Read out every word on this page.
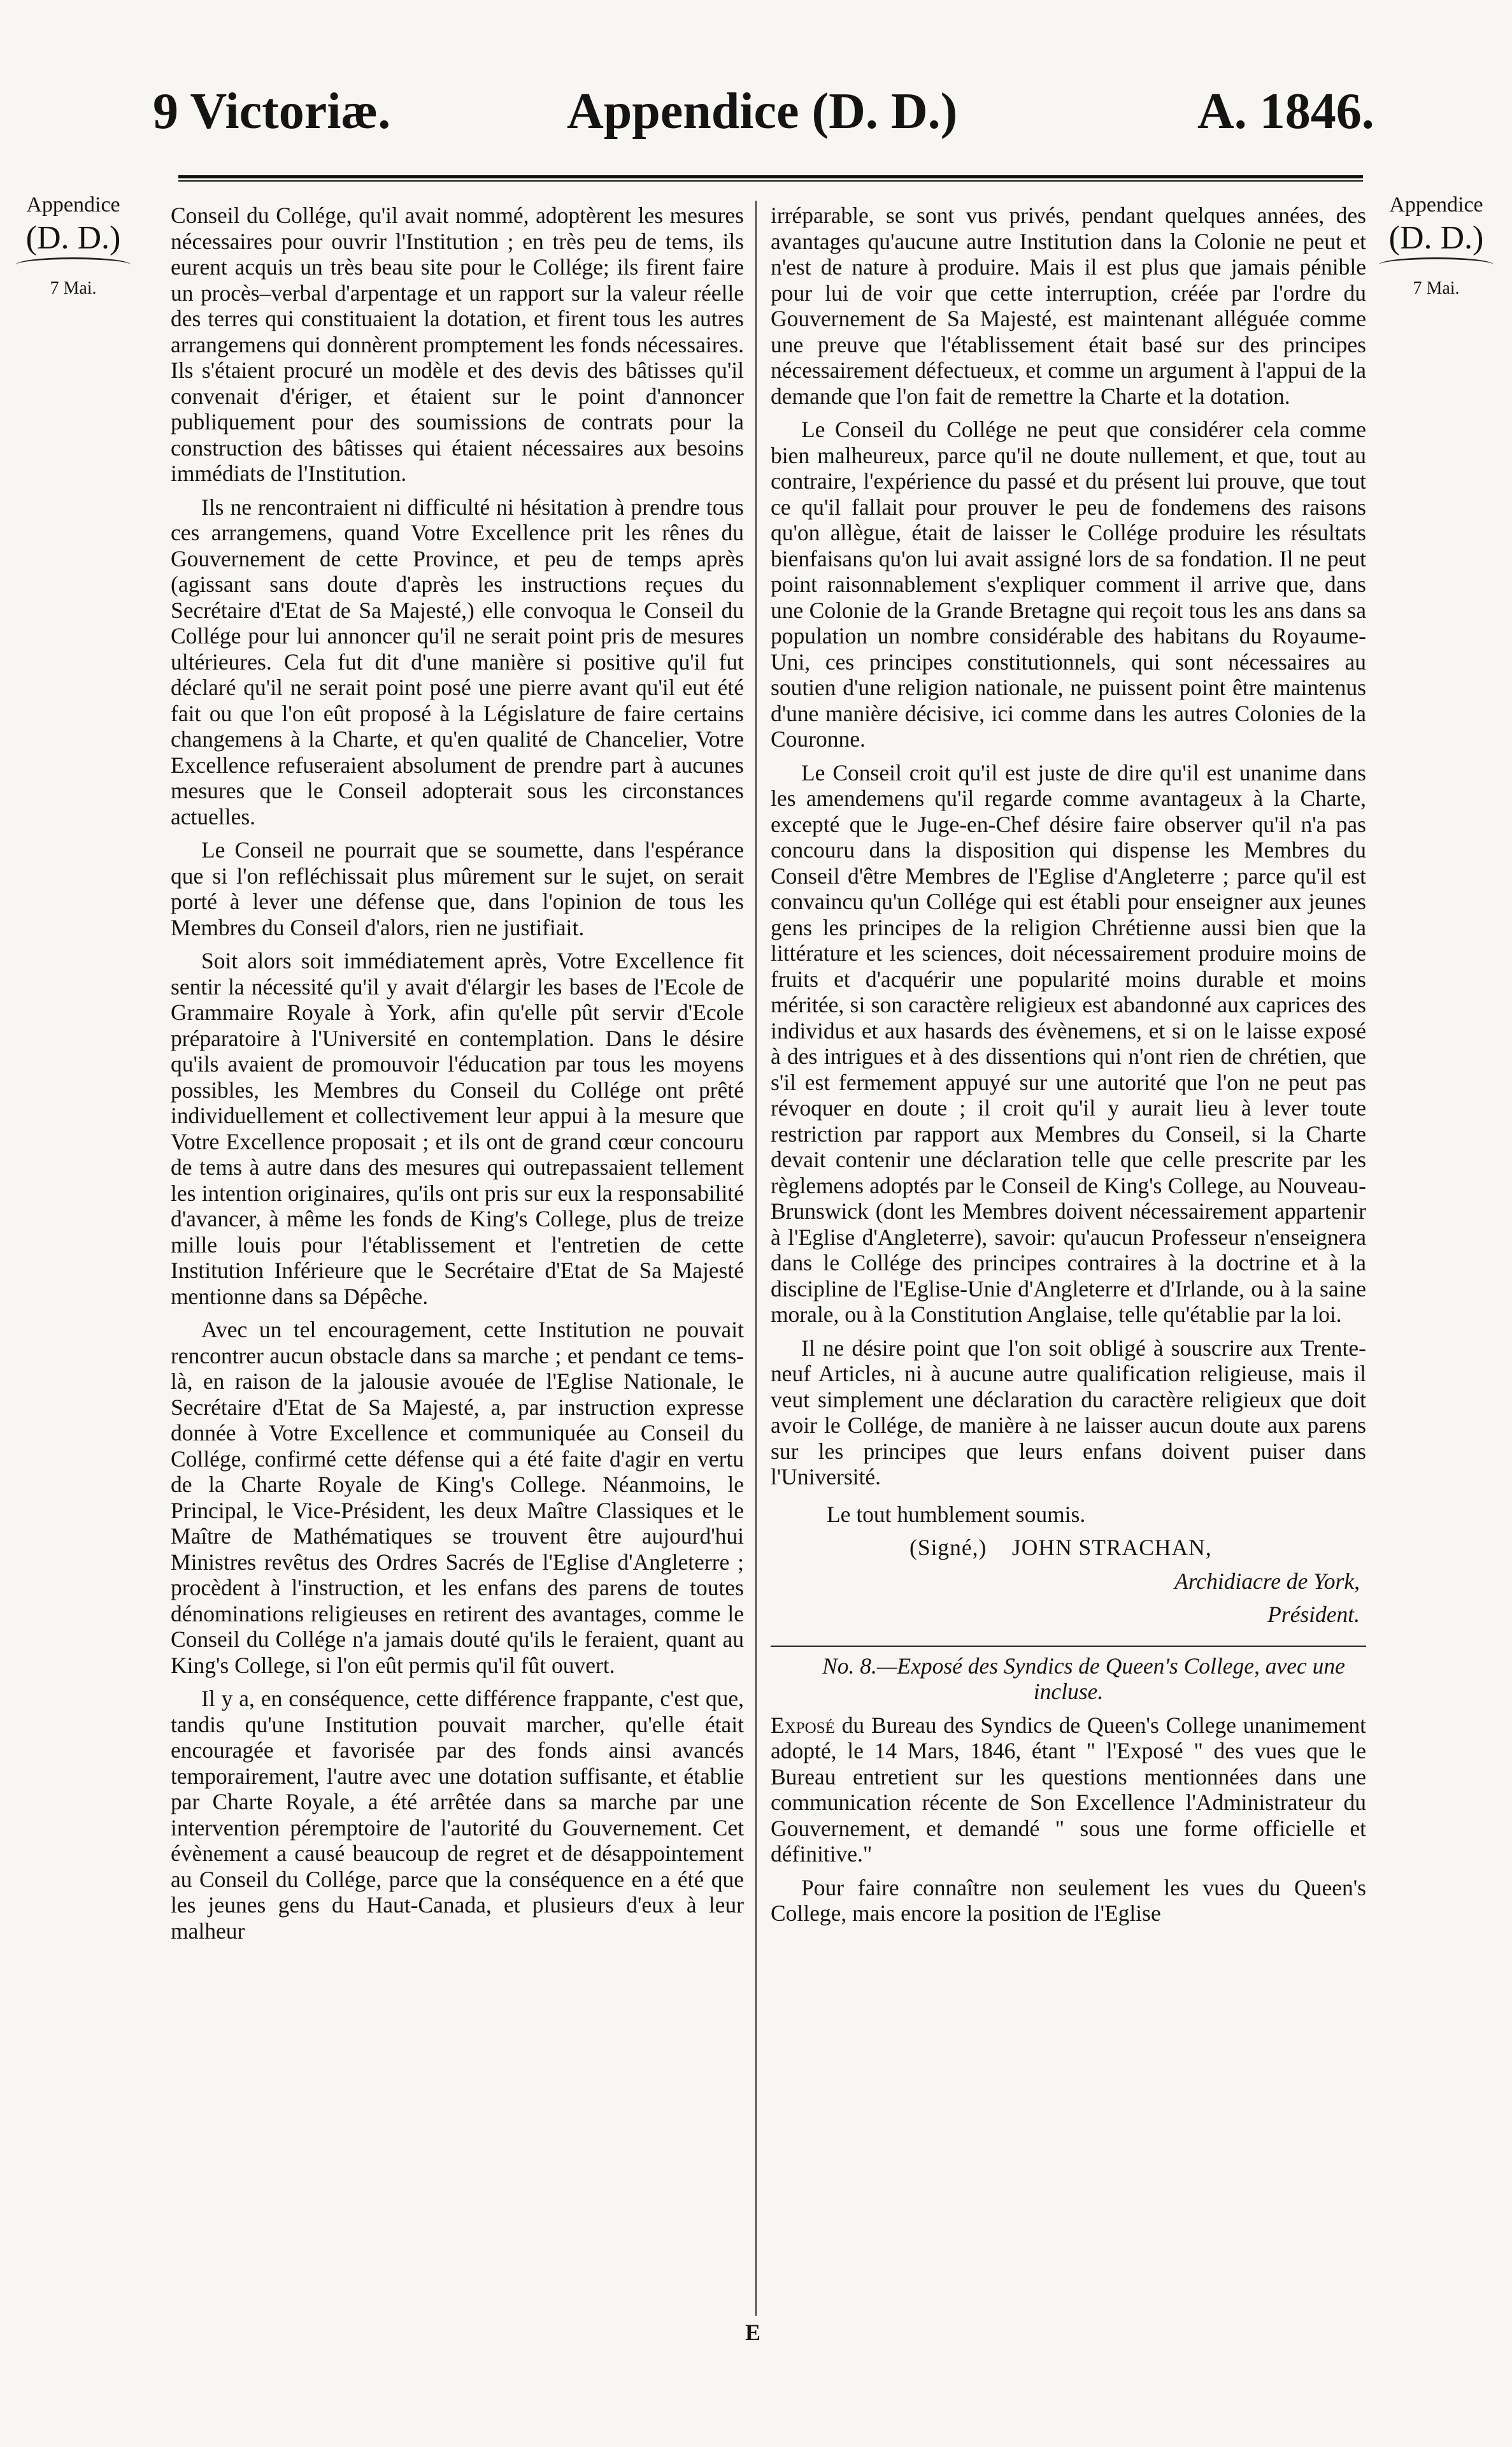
9 Victoriæ.	Appendice (D. D.)	A. 1846.
Appendice
(D. D.)
7 Mai.
Appendice
(D. D.)
7 Mai.

Conseil du Collége, qu'il avait nommé, adoptèrent les mesures nécessaires pour ouvrir l'Institution ; en très peu de tems, ils eurent acquis un très beau site pour le Collége; ils firent faire un procès–verbal d'arpentage et un rapport sur la valeur réelle des terres qui constituaient la dotation, et firent tous les autres arrangemens qui donnèrent promptement les fonds nécessaires. Ils s'étaient procuré un modèle et des devis des bâtisses qu'il convenait d'ériger, et étaient sur le point d'annoncer publiquement pour des soumissions de contrats pour la construction des bâtisses qui étaient nécessaires aux besoins immédiats de l'Institution.

Ils ne rencontraient ni difficulté ni hésitation à prendre tous ces arrangemens, quand Votre Excellence prit les rênes du Gouvernement de cette Province, et peu de temps après (agissant sans doute d'après les instructions reçues du Secrétaire d'Etat de Sa Majesté,) elle convoqua le Conseil du Collége pour lui annoncer qu'il ne serait point pris de mesures ultérieures. Cela fut dit d'une manière si positive qu'il fut déclaré qu'il ne serait point posé une pierre avant qu'il eut été fait ou que l'on eût proposé à la Législature de faire certains changemens à la Charte, et qu'en qualité de Chancelier, Votre Excellence refuseraient absolument de prendre part à aucunes mesures que le Conseil adopterait sous les circonstances actuelles.

Le Conseil ne pourrait que se soumette, dans l'espérance que si l'on refléchissait plus mûrement sur le sujet, on serait porté à lever une défense que, dans l'opinion de tous les Membres du Conseil d'alors, rien ne justifiait.

Soit alors soit immédiatement après, Votre Excellence fit sentir la nécessité qu'il y avait d'élargir les bases de l'Ecole de Grammaire Royale à York, afin qu'elle pût servir d'Ecole préparatoire à l'Université en contemplation. Dans le désire qu'ils avaient de promouvoir l'éducation par tous les moyens possibles, les Membres du Conseil du Collége ont prêté individuellement et collectivement leur appui à la mesure que Votre Excellence proposait ; et ils ont de grand cœur concouru de tems à autre dans des mesures qui outrepassaient tellement les intention originaires, qu'ils ont pris sur eux la responsabilité d'avancer, à même les fonds de King's College, plus de treize mille louis pour l'établissement et l'entretien de cette Institution Inférieure que le Secrétaire d'Etat de Sa Majesté mentionne dans sa Dépêche.

Avec un tel encouragement, cette Institution ne pouvait rencontrer aucun obstacle dans sa marche ; et pendant ce tems-là, en raison de la jalousie avouée de l'Eglise Nationale, le Secrétaire d'Etat de Sa Majesté, a, par instruction expresse donnée à Votre Excellence et communiquée au Conseil du Collége, confirmé cette défense qui a été faite d'agir en vertu de la Charte Royale de King's College. Néanmoins, le Principal, le Vice-Président, les deux Maître Classiques et le Maître de Mathématiques se trouvent être aujourd'hui Ministres revêtus des Ordres Sacrés de l'Eglise d'Angleterre ; procèdent à l'instruction, et les enfans des parens de toutes dénominations religieuses en retirent des avantages, comme le Conseil du Collége n'a jamais douté qu'ils le feraient, quant au King's College, si l'on eût permis qu'il fût ouvert.

Il y a, en conséquence, cette différence frappante, c'est que, tandis qu'une Institution pouvait marcher, qu'elle était encouragée et favorisée par des fonds ainsi avancés temporairement, l'autre avec une dotation suffisante, et établie par Charte Royale, a été arrêtée dans sa marche par une intervention péremptoire de l'autorité du Gouvernement. Cet évènement a causé beaucoup de regret et de désappointement au Conseil du Collége, parce que la conséquence en a été que les jeunes gens du Haut-Canada, et plusieurs d'eux à leur malheur

irréparable, se sont vus privés, pendant quelques années, des avantages qu'aucune autre Institution dans la Colonie ne peut et n'est de nature à produire. Mais il est plus que jamais pénible pour lui de voir que cette interruption, créée par l'ordre du Gouvernement de Sa Majesté, est maintenant alléguée comme une preuve que l'établissement était basé sur des principes nécessairement défectueux, et comme un argument à l'appui de la demande que l'on fait de remettre la Charte et la dotation.

Le Conseil du Collége ne peut que considérer cela comme bien malheureux, parce qu'il ne doute nullement, et que, tout au contraire, l'expérience du passé et du présent lui prouve, que tout ce qu'il fallait pour prouver le peu de fondemens des raisons qu'on allègue, était de laisser le Collége produire les résultats bienfaisans qu'on lui avait assigné lors de sa fondation. Il ne peut point raisonnablement s'expliquer comment il arrive que, dans une Colonie de la Grande Bretagne qui reçoit tous les ans dans sa population un nombre considérable des habitans du Royaume-Uni, ces principes constitutionnels, qui sont nécessaires au soutien d'une religion nationale, ne puissent point être maintenus d'une manière décisive, ici comme dans les autres Colonies de la Couronne.

Le Conseil croit qu'il est juste de dire qu'il est unanime dans les amendemens qu'il regarde comme avantageux à la Charte, excepté que le Juge-en-Chef désire faire observer qu'il n'a pas concouru dans la disposition qui dispense les Membres du Conseil d'être Membres de l'Eglise d'Angleterre ; parce qu'il est convaincu qu'un Collége qui est établi pour enseigner aux jeunes gens les principes de la religion Chrétienne aussi bien que la littérature et les sciences, doit nécessairement produire moins de fruits et d'acquérir une popularité moins durable et moins méritée, si son caractère religieux est abandonné aux caprices des individus et aux hasards des évènemens, et si on le laisse exposé à des intrigues et à des dissentions qui n'ont rien de chrétien, que s'il est fermement appuyé sur une autorité que l'on ne peut pas révoquer en doute ; il croit qu'il y aurait lieu à lever toute restriction par rapport aux Membres du Conseil, si la Charte devait contenir une déclaration telle que celle prescrite par les règlemens adoptés par le Conseil de King's College, au Nouveau-Brunswick (dont les Membres doivent nécessairement appartenir à l'Eglise d'Angleterre), savoir: qu'aucun Professeur n'enseignera dans le Collége des principes contraires à la doctrine et à la discipline de l'Eglise-Unie d'Angleterre et d'Irlande, ou à la saine morale, ou à la Constitution Anglaise, telle qu'établie par la loi.

Il ne désire point que l'on soit obligé à souscrire aux Trente-neuf Articles, ni à aucune autre qualification religieuse, mais il veut simplement une déclaration du caractère religieux que doit avoir le Collége, de manière à ne laisser aucun doute aux parens sur les principes que leurs enfans doivent puiser dans l'Université.

Le tout humblement soumis.

(Signé,) JOHN STRACHAN,

Archidiacre de York,

Président.

No. 8.—Exposé des Syndics de Queen's College, avec une incluse.

Exposé du Bureau des Syndics de Queen's College unanimement adopté, le 14 Mars, 1846, étant " l'Exposé " des vues que le Bureau entretient sur les questions mentionnées dans une communication récente de Son Excellence l'Administrateur du Gouvernement, et demandé " sous une forme officielle et définitive."

Pour faire connaître non seulement les vues du Queen's College, mais encore la position de l'Eglise

E
